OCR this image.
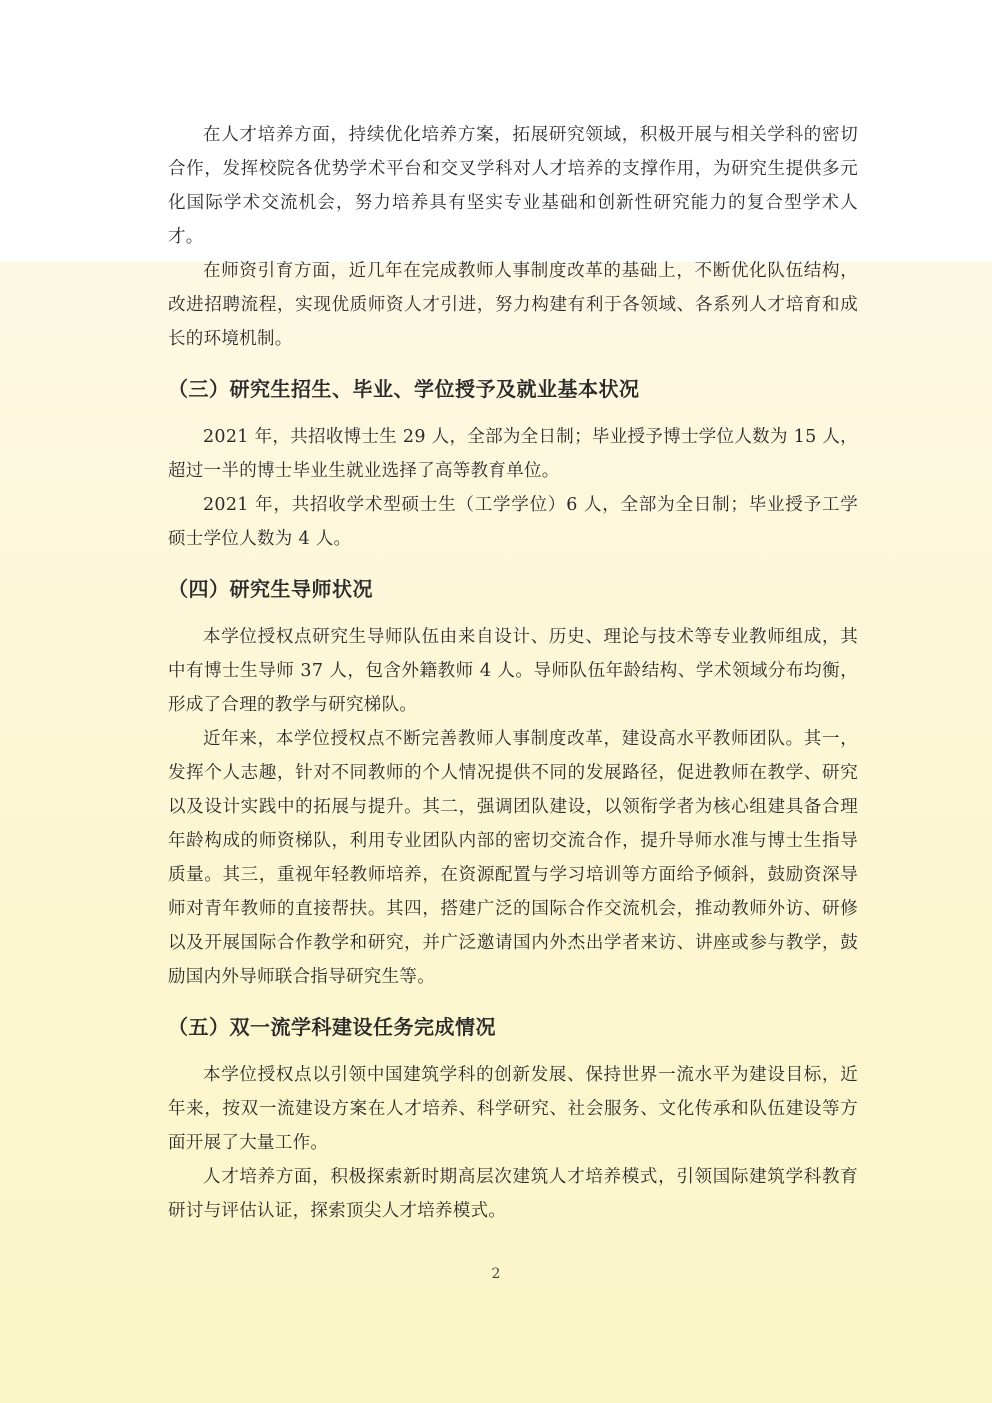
在人才培养方面，持续优化培养方案，拓展研究领域，积极开展与相关学科的密切合作，发挥校院各优势学术平台和交叉学科对人才培养的支撑作用，为研究生提供多元化国际学术交流机会，努力培养具有坚实专业基础和创新性研究能力的复合型学术人才。

在师资引育方面，近几年在完成教师人事制度改革的基础上，不断优化队伍结构，改进招聘流程，实现优质师资人才引进，努力构建有利于各领域、各系列人才培育和成长的环境机制。

（三）研究生招生、毕业、学位授予及就业基本状况

2021 年，共招收博士生 29 人，全部为全日制；毕业授予博士学位人数为 15 人，超过一半的博士毕业生就业选择了高等教育单位。

2021 年，共招收学术型硕士生（工学学位）6 人，全部为全日制；毕业授予工学硕士学位人数为 4 人。

（四）研究生导师状况

本学位授权点研究生导师队伍由来自设计、历史、理论与技术等专业教师组成，其中有博士生导师 37 人，包含外籍教师 4 人。导师队伍年龄结构、学术领域分布均衡，形成了合理的教学与研究梯队。

近年来，本学位授权点不断完善教师人事制度改革，建设高水平教师团队。其一，发挥个人志趣，针对不同教师的个人情况提供不同的发展路径，促进教师在教学、研究以及设计实践中的拓展与提升。其二，强调团队建设，以领衔学者为核心组建具备合理年龄构成的师资梯队，利用专业团队内部的密切交流合作，提升导师水准与博士生指导质量。其三，重视年轻教师培养，在资源配置与学习培训等方面给予倾斜，鼓励资深导师对青年教师的直接帮扶。其四，搭建广泛的国际合作交流机会，推动教师外访、研修以及开展国际合作教学和研究，并广泛邀请国内外杰出学者来访、讲座或参与教学，鼓励国内外导师联合指导研究生等。

（五）双一流学科建设任务完成情况

本学位授权点以引领中国建筑学科的创新发展、保持世界一流水平为建设目标，近年来，按双一流建设方案在人才培养、科学研究、社会服务、文化传承和队伍建设等方面开展了大量工作。

人才培养方面，积极探索新时期高层次建筑人才培养模式，引领国际建筑学科教育研讨与评估认证，探索顶尖人才培养模式。

2
